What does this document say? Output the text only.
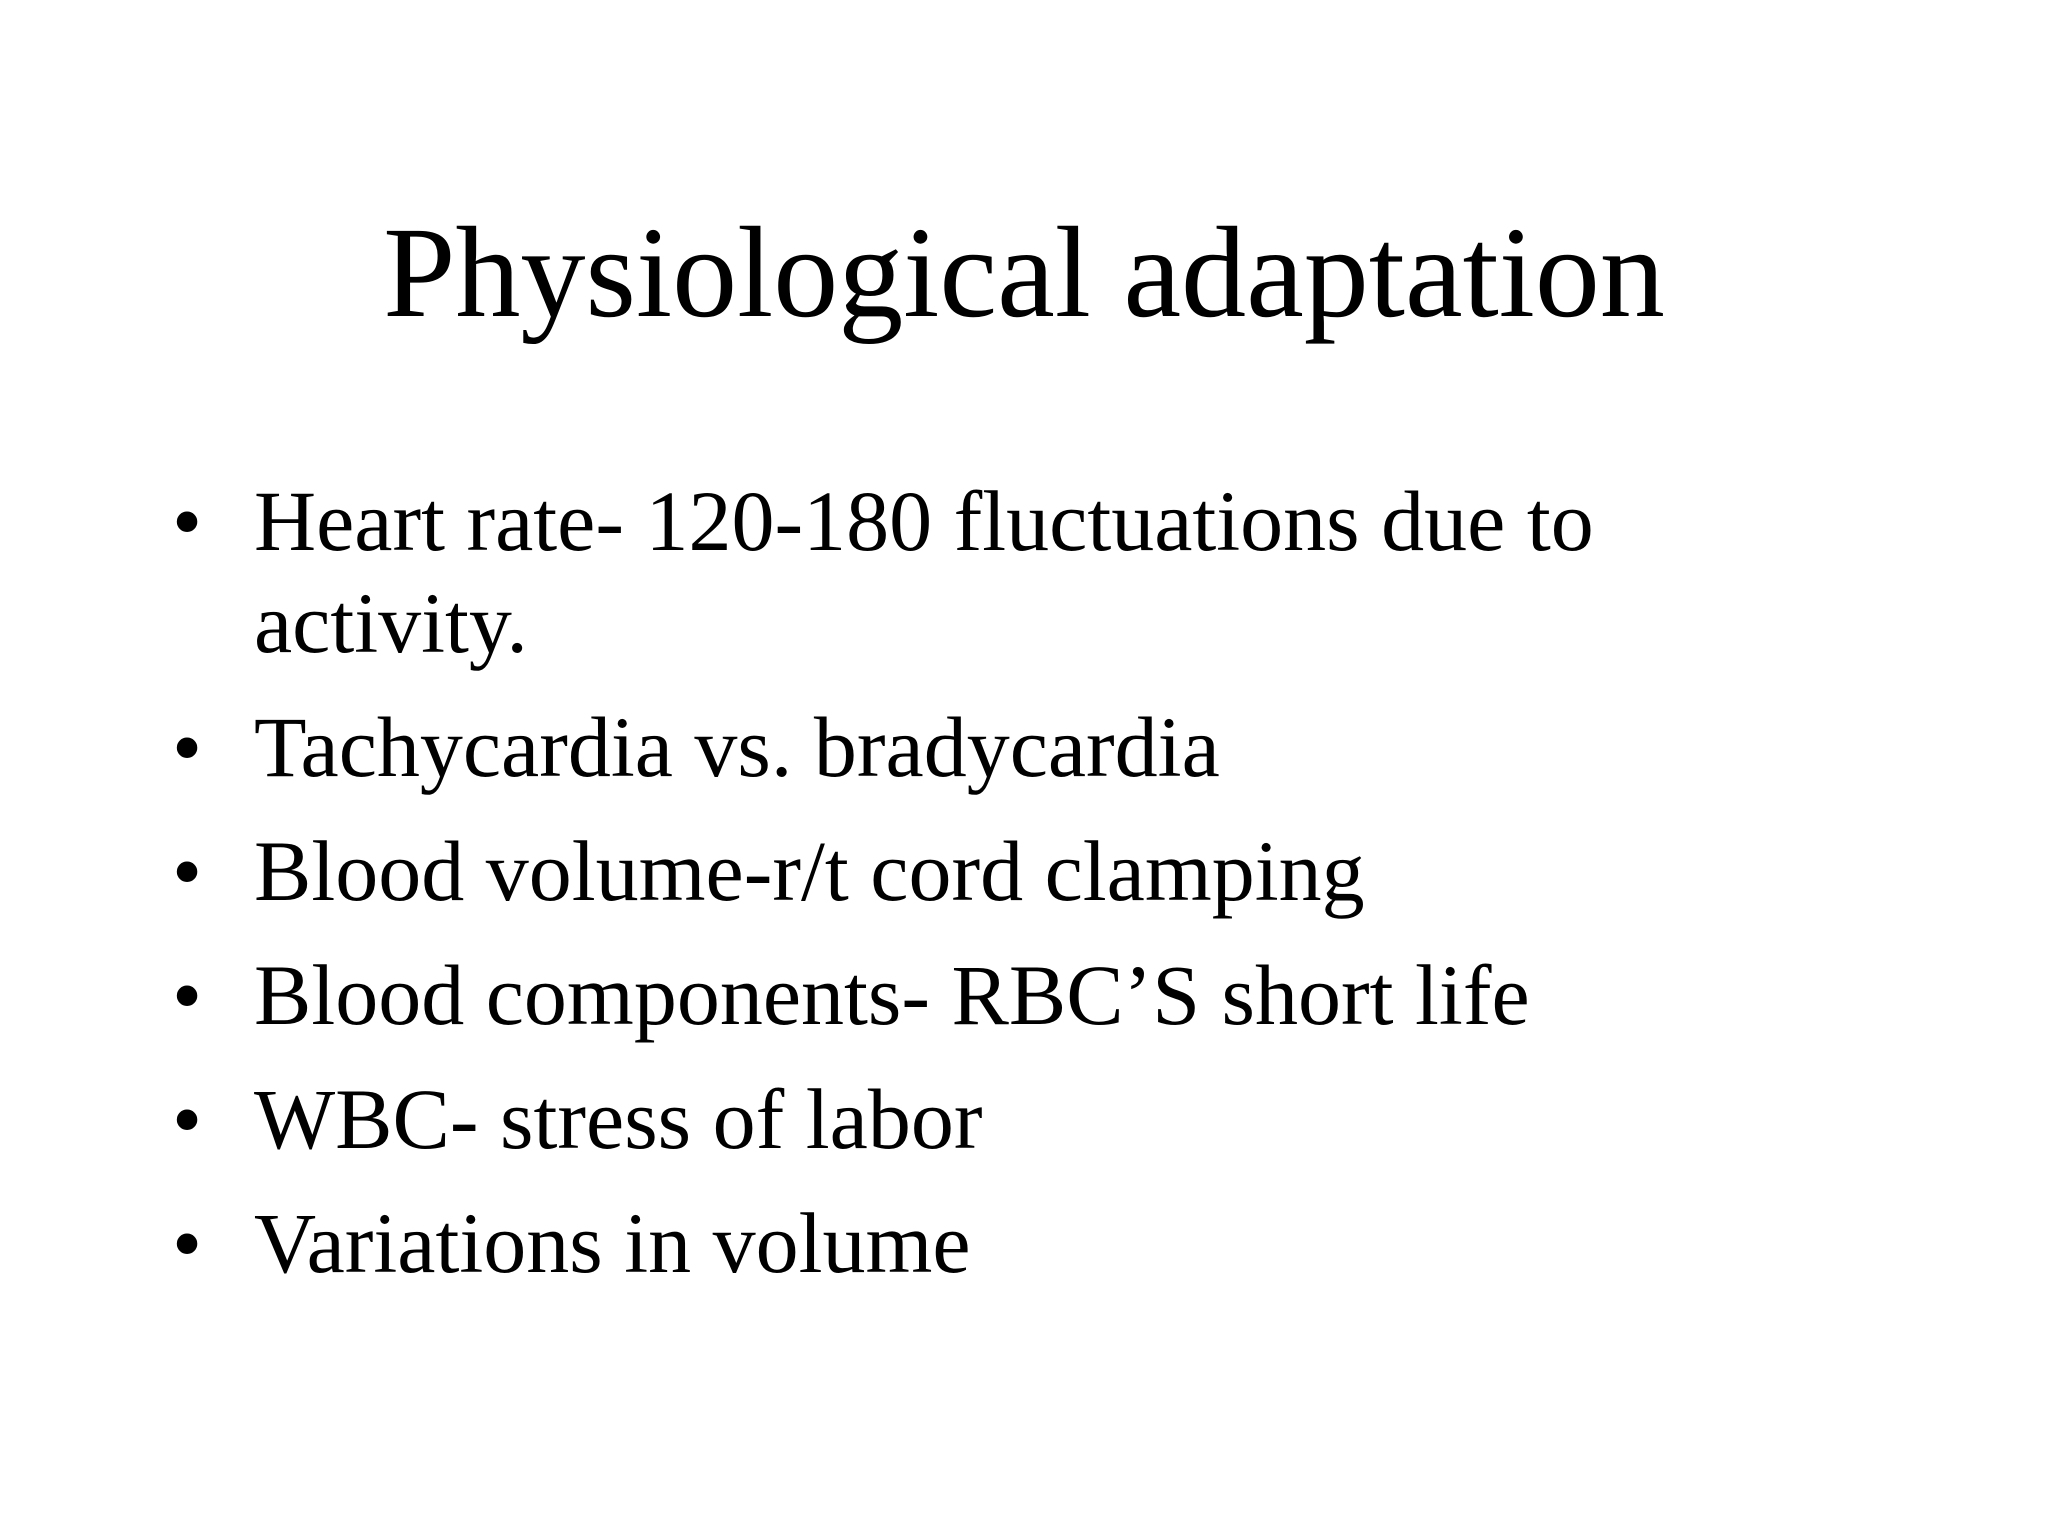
Physiological adaptation
• Heart rate- 120-180 fluctuations due to activity.
• Tachycardia vs. bradycardia
• Blood volume-r/t cord clamping
• Blood components- RBC’S short life
• WBC- stress of labor
• Variations in volume
